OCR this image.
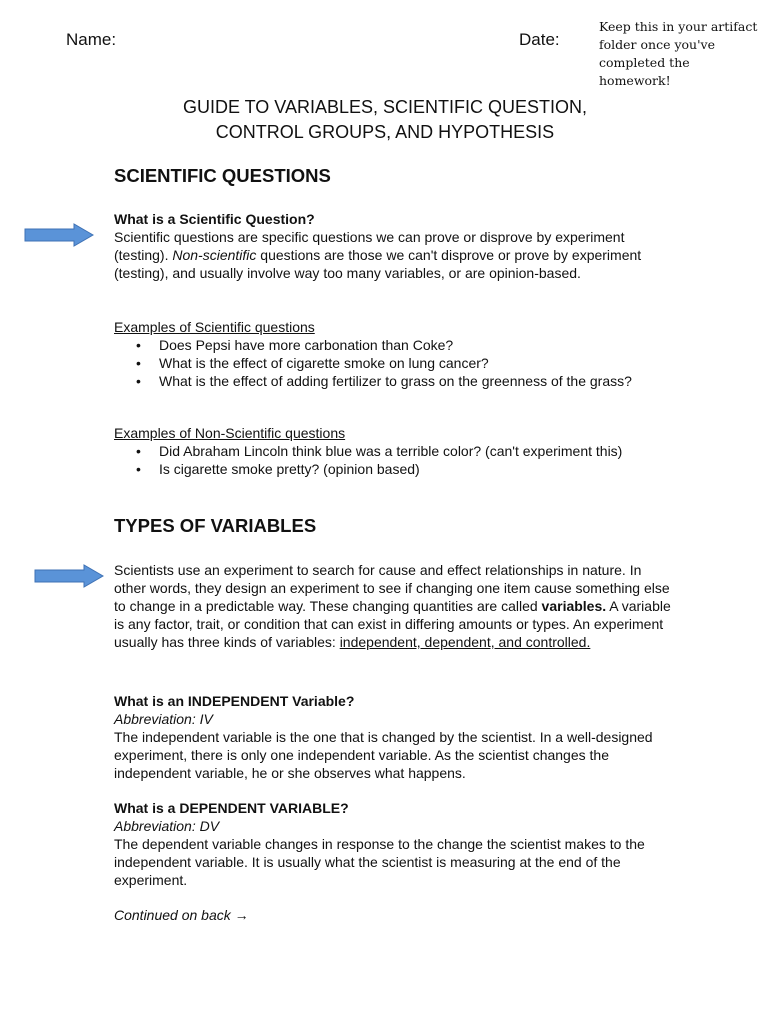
Name:	Date:
Keep this in your artifact folder once you've completed the homework!
GUIDE TO VARIABLES, SCIENTIFIC QUESTION,
CONTROL GROUPS, AND HYPOTHESIS
SCIENTIFIC QUESTIONS

What is a Scientific Question?

Scientific questions are specific questions we can prove or disprove by experiment (testing). Non-scientific questions are those we can't disprove or prove by experiment (testing), and usually involve way too many variables, or are opinion-based.

Examples of Scientific questions

• Does Pepsi have more carbonation than Coke?
• What is the effect of cigarette smoke on lung cancer?
• What is the effect of adding fertilizer to grass on the greenness of the grass?

Examples of Non-Scientific questions

• Did Abraham Lincoln think blue was a terrible color? (can't experiment this)
• Is cigarette smoke pretty? (opinion based)
TYPES OF VARIABLES

Scientists use an experiment to search for cause and effect relationships in nature. In other words, they design an experiment to see if changing one item cause something else to change in a predictable way. These changing quantities are called variables. A variable is any factor, trait, or condition that can exist in differing amounts or types. An experiment usually has three kinds of variables: independent, dependent, and controlled.

What is an INDEPENDENT Variable?

Abbreviation: IV

The independent variable is the one that is changed by the scientist. In a well-designed experiment, there is only one independent variable. As the scientist changes the independent variable, he or she observes what happens.

What is a DEPENDENT VARIABLE?

Abbreviation: DV

The dependent variable changes in response to the change the scientist makes to the independent variable. It is usually what the scientist is measuring at the end of the experiment.

Continued on back →
